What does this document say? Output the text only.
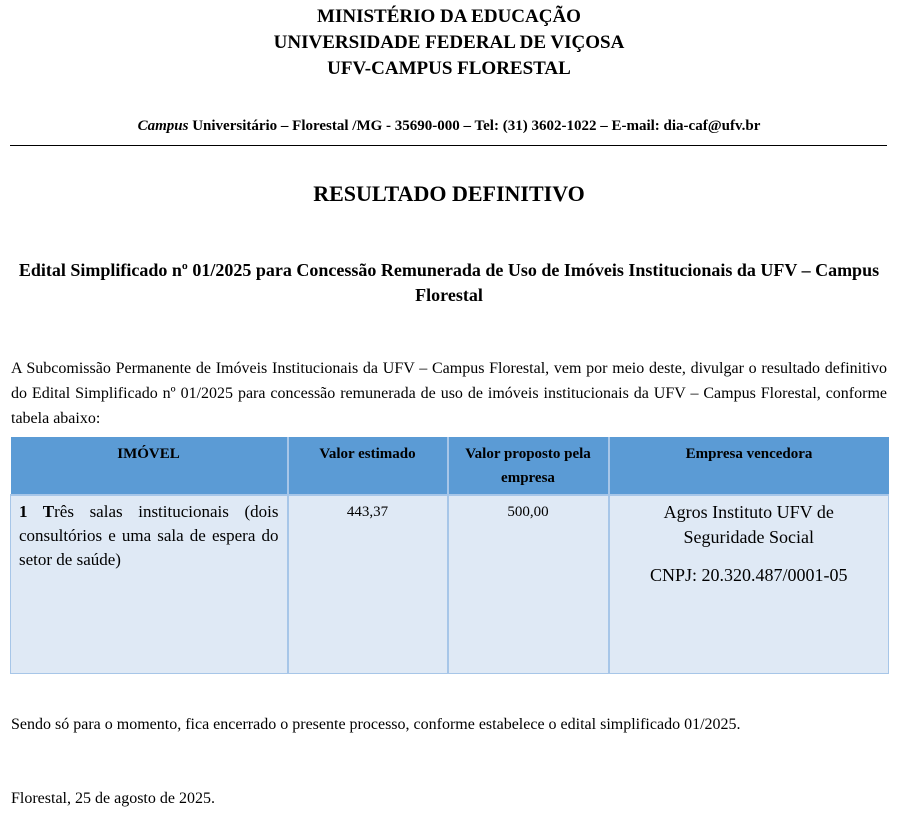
MINISTÉRIO DA EDUCAÇÃO
UNIVERSIDADE FEDERAL DE VIÇOSA
UFV-CAMPUS FLORESTAL
Campus Universitário – Florestal /MG - 35690-000 – Tel: (31) 3602-1022 – E-mail: dia-caf@ufv.br
RESULTADO DEFINITIVO
Edital Simplificado nº 01/2025 para Concessão Remunerada de Uso de Imóveis Institucionais da UFV – Campus Florestal
A Subcomissão Permanente de Imóveis Institucionais da UFV – Campus Florestal, vem por meio deste, divulgar o resultado definitivo do Edital Simplificado nº 01/2025 para concessão remunerada de uso de imóveis institucionais da UFV – Campus Florestal, conforme tabela abaixo:
IMÓVEL	Valor estimado	Valor proposto pela empresa	Empresa vencedora
1 Três salas institucionais (dois consultórios e uma sala de espera do setor de saúde)	443,37	500,00	Agros Instituto UFV de Seguridade Social
CNPJ: 20.320.487/0001-05
Sendo só para o momento, fica encerrado o presente processo, conforme estabelece o edital simplificado 01/2025.
Florestal, 25 de agosto de 2025.
